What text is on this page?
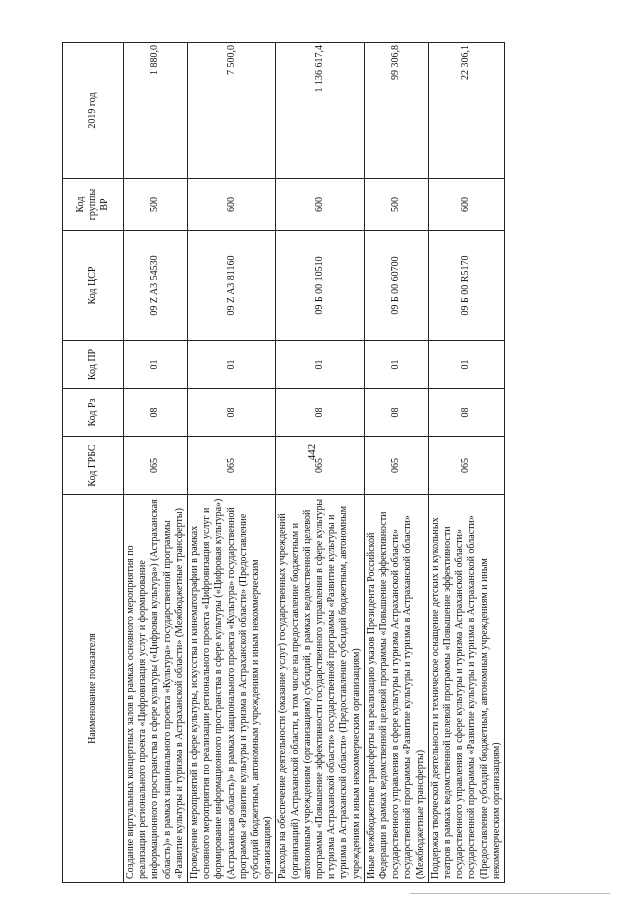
442
Наименование показателя	Код ГРБС	Код Рз	Код ПР	Код ЦСР	Код группы ВР	2019 год
Создание виртуальных концертных залов в рамках основного мероприятия по реализации регионального проекта «Цифровизация услуг и формирование информационного пространства в сфере культуры («Цифровая культура») (Астраханская область)» в рамках национального проекта «Культура» государственной программы «Развитие культуры и туризма в Астраханской области» (Межбюджетные трансферты)	065	08	01	09 Z A3 54530	500	1 880,0
Проведение мероприятий в сфере культуры, искусства и кинематографии в рамках основного мероприятия по реализации регионального проекта «Цифровизация услуг и формирование информационного пространства в сфере культуры («Цифровая культура») (Астраханская область)» в рамках национального проекта «Культура» государственной программы «Развитие культуры и туризма в Астраханской области» (Предоставление субсидий бюджетным, автономным учреждениям и иным некоммерческим организациям)	065	08	01	09 Z A3 81160	600	7 500,0
Расходы на обеспечение деятельности (оказание услуг) государственных учреждений (организаций) Астраханской области, в том числе на предоставление бюджетным и автономным учреждениям (организациям) субсидий, в рамках ведомственной целевой программы «Повышение эффективности государственного управления в сфере культуры и туризма Астраханской области» государственной программы «Развитие культуры и туризма в Астраханской области» (Предоставление субсидий бюджетным, автономным учреждениям и иным некоммерческим организациям)	065	08	01	09 Б 00 10510	600	1 136 617,4
Иные межбюджетные трансферты на реализацию указов Президента Российской Федерации в рамках ведомственной целевой программы «Повышение эффективности государственного управления в сфере культуры и туризма Астраханской области» государственной программы «Развитие культуры и туризма в Астраханской области» (Межбюджетные трансферты)	065	08	01	09 Б 00 60700	500	99 306,8
Поддержка творческой деятельности и техническое оснащение детских и кукольных театров в рамках ведомственной целевой программы «Повышение эффективности государственного управления в сфере культуры и туризма Астраханской области» государственной программы «Развитие культуры и туризма в Астраханской области» (Предоставление субсидий бюджетным, автономным учреждениям и иным некоммерческим организациям)	065	08	01	09 Б 00 R5170	600	22 306,1
